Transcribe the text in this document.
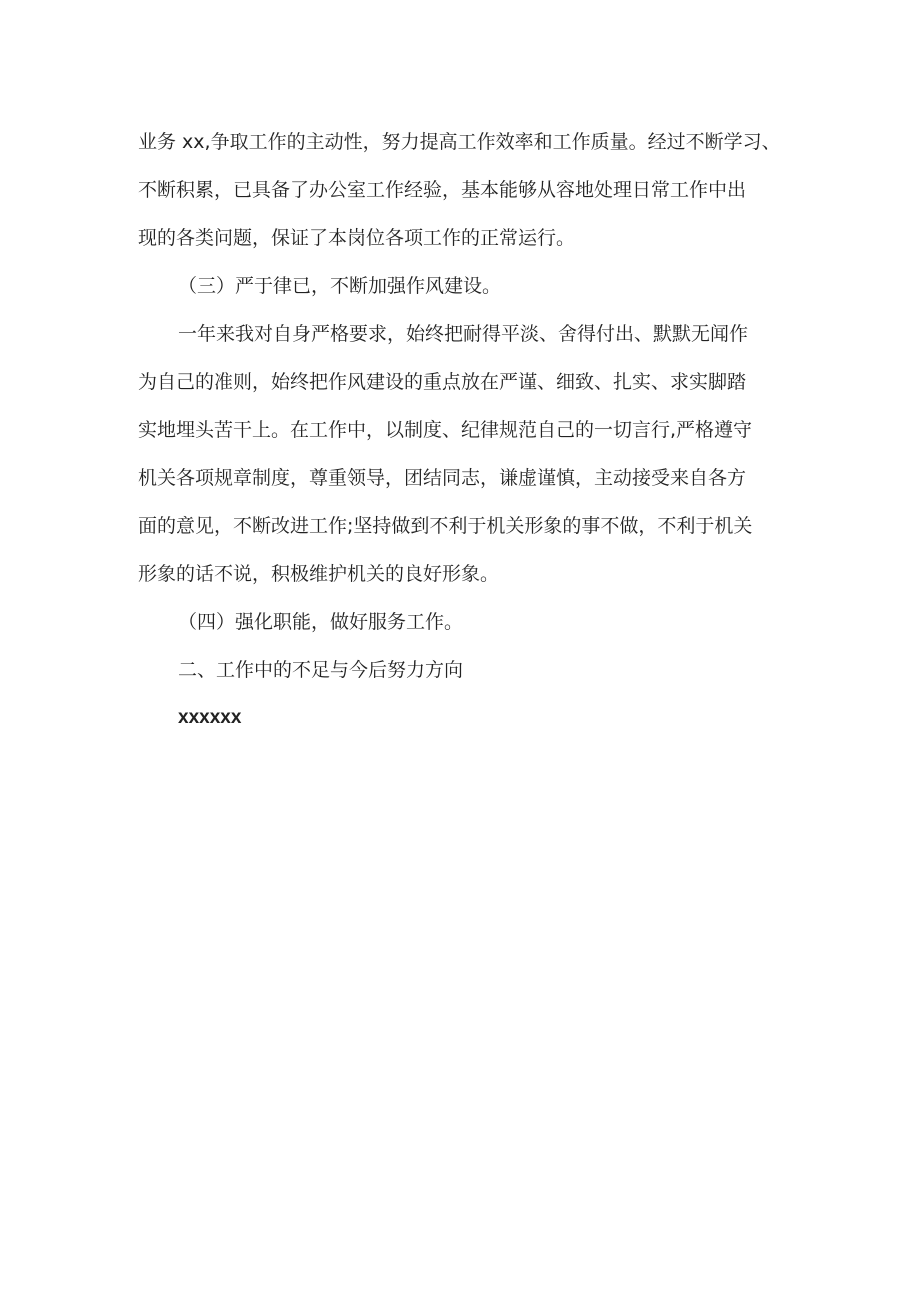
业务 xx,争取工作的主动性，努力提高工作效率和工作质量。经过不断学习、
不断积累，已具备了办公室工作经验，基本能够从容地处理日常工作中出
现的各类问题，保证了本岗位各项工作的正常运行。
（三）严于律已，不断加强作风建设。
一年来我对自身严格要求，始终把耐得平淡、舍得付出、默默无闻作
为自己的准则，始终把作风建设的重点放在严谨、细致、扎实、求实脚踏
实地埋头苦干上。在工作中，以制度、纪律规范自己的一切言行,严格遵守
机关各项规章制度，尊重领导，团结同志，谦虚谨慎，主动接受来自各方
面的意见，不断改进工作;坚持做到不利于机关形象的事不做，不利于机关
形象的话不说，积极维护机关的良好形象。
（四）强化职能，做好服务工作。
二、工作中的不足与今后努力方向
xxxxxx
